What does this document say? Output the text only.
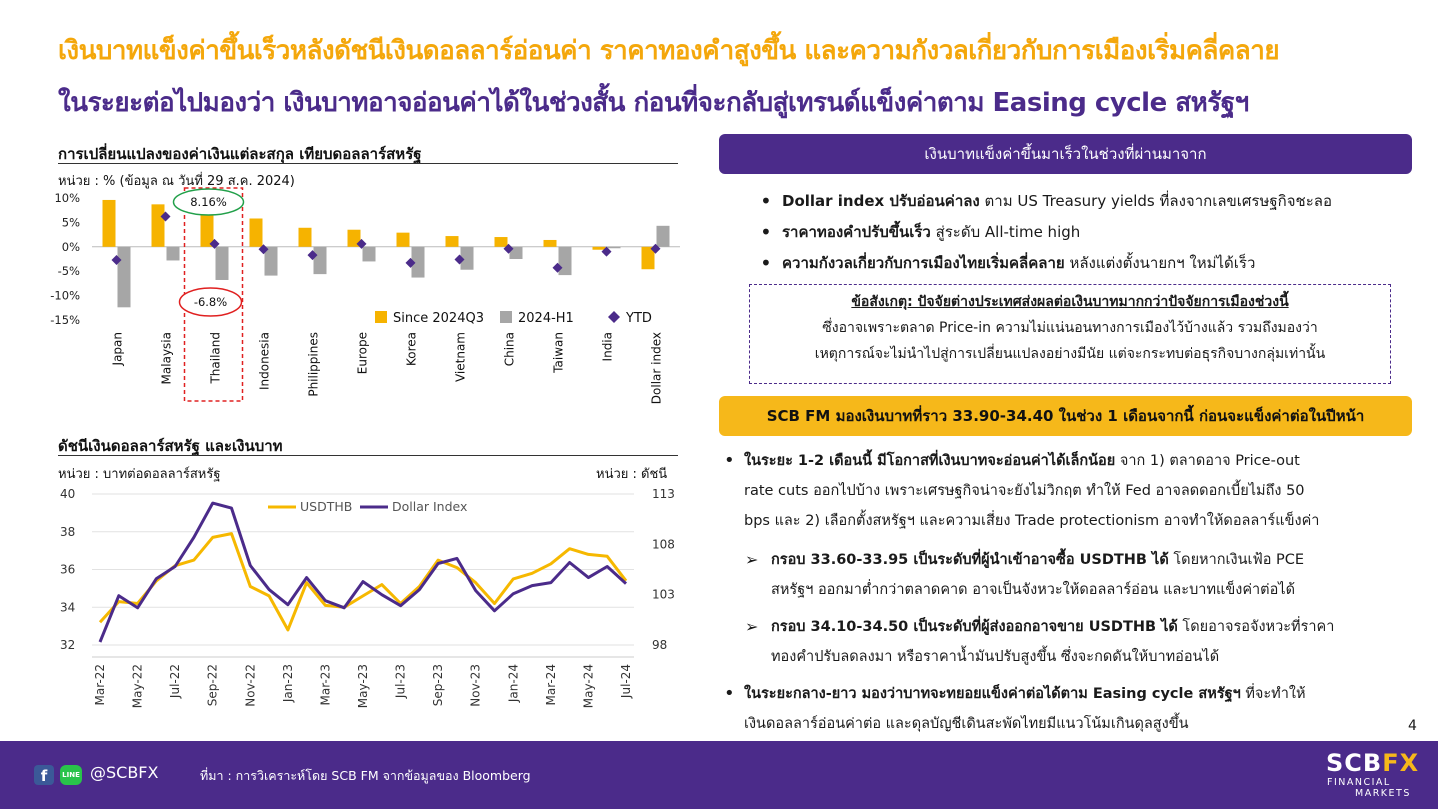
เงินบาทแข็งค่าขึ้นเร็วหลังดัชนีเงินดอลลาร์อ่อนค่า ราคาทองคำสูงขึ้น และความกังวลเกี่ยวกับการเมืองเริ่มคลี่คลาย
ในระยะต่อไปมองว่า เงินบาทอาจอ่อนค่าได้ในช่วงสั้น ก่อนที่จะกลับสู่เทรนด์แข็งค่าตาม Easing cycle สหรัฐฯ
การเปลี่ยนแปลงของค่าเงินแต่ละสกุล เทียบดอลลาร์สหรัฐ
หน่วย : % (ข้อมูล ณ วันที่ 29 ส.ค. 2024)
-15%
-10%
-5%
0%
5%
10%
Japan	Malaysia	Thailand	Indonesia	Philippines	Europe	Korea	Vietnam	China	Taiwan	India	Dollar index
8.16%
-6.8%
Since 2024Q3	2024-H1	YTD
ดัชนีเงินดอลลาร์สหรัฐ และเงินบาท
หน่วย : บาทต่อดอลลาร์สหรัฐ	หน่วย : ดัชนี
32
34
36
38
40
98
103
108
113
Mar-22 May-22 Jul-22 Sep-22 Nov-22 Jan-23 Mar-23 May-23 Jul-23 Sep-23 Nov-23 Jan-24 Mar-24 May-24 Jul-24
USDTHB	Dollar Index
เงินบาทแข็งค่าขึ้นมาเร็วในช่วงที่ผ่านมาจาก
• Dollar index ปรับอ่อนค่าลง ตาม US Treasury yields ที่ลงจากเลขเศรษฐกิจชะลอ
• ราคาทองคำปรับขึ้นเร็ว สู่ระดับ All-time high
• ความกังวลเกี่ยวกับการเมืองไทยเริ่มคลี่คลาย หลังแต่งตั้งนายกฯ ใหม่ได้เร็ว
ข้อสังเกตุ: ปัจจัยต่างประเทศส่งผลต่อเงินบาทมากกว่าปัจจัยการเมืองช่วงนี้
ซึ่งอาจเพราะตลาด Price-in ความไม่แน่นอนทางการเมืองไว้บ้างแล้ว รวมถึงมองว่า
เหตุการณ์จะไม่นำไปสู่การเปลี่ยนแปลงอย่างมีนัย แต่จะกระทบต่อธุรกิจบางกลุ่มเท่านั้น
SCB FM มองเงินบาทที่ราว 33.90-34.40 ในช่วง 1 เดือนจากนี้ ก่อนจะแข็งค่าต่อในปีหน้า
• ในระยะ 1-2 เดือนนี้ มีโอกาสที่เงินบาทจะอ่อนค่าได้เล็กน้อย จาก 1) ตลาดอาจ Price-out
rate cuts ออกไปบ้าง เพราะเศรษฐกิจน่าจะยังไม่วิกฤต ทำให้ Fed อาจลดดอกเบี้ยไม่ถึง 50
bps และ 2) เลือกตั้งสหรัฐฯ และความเสี่ยง Trade protectionism อาจทำให้ดอลลาร์แข็งค่า
➢ กรอบ 33.60-33.95 เป็นระดับที่ผู้นำเข้าอาจซื้อ USDTHB ได้ โดยหากเงินเฟ้อ PCE
สหรัฐฯ ออกมาต่ำกว่าตลาดคาด อาจเป็นจังหวะให้ดอลลาร์อ่อน และบาทแข็งค่าต่อได้
➢ กรอบ 34.10-34.50 เป็นระดับที่ผู้ส่งออกอาจขาย USDTHB ได้ โดยอาจรอจังหวะที่ราคา
ทองคำปรับลดลงมา หรือราคาน้ำมันปรับสูงขึ้น ซึ่งจะกดดันให้บาทอ่อนได้
• ในระยะกลาง-ยาว มองว่าบาทจะทยอยแข็งค่าต่อได้ตาม Easing cycle สหรัฐฯ ที่จะทำให้
เงินดอลลาร์อ่อนค่าต่อ และดุลบัญชีเดินสะพัดไทยมีแนวโน้มเกินดุลสูงขึ้น	4
f	LINE @SCBFX	ที่มา : การวิเคราะห์โดย SCB FM จากข้อมูลของ Bloomberg	SCBFX
FINANCIAL
MARKETS
